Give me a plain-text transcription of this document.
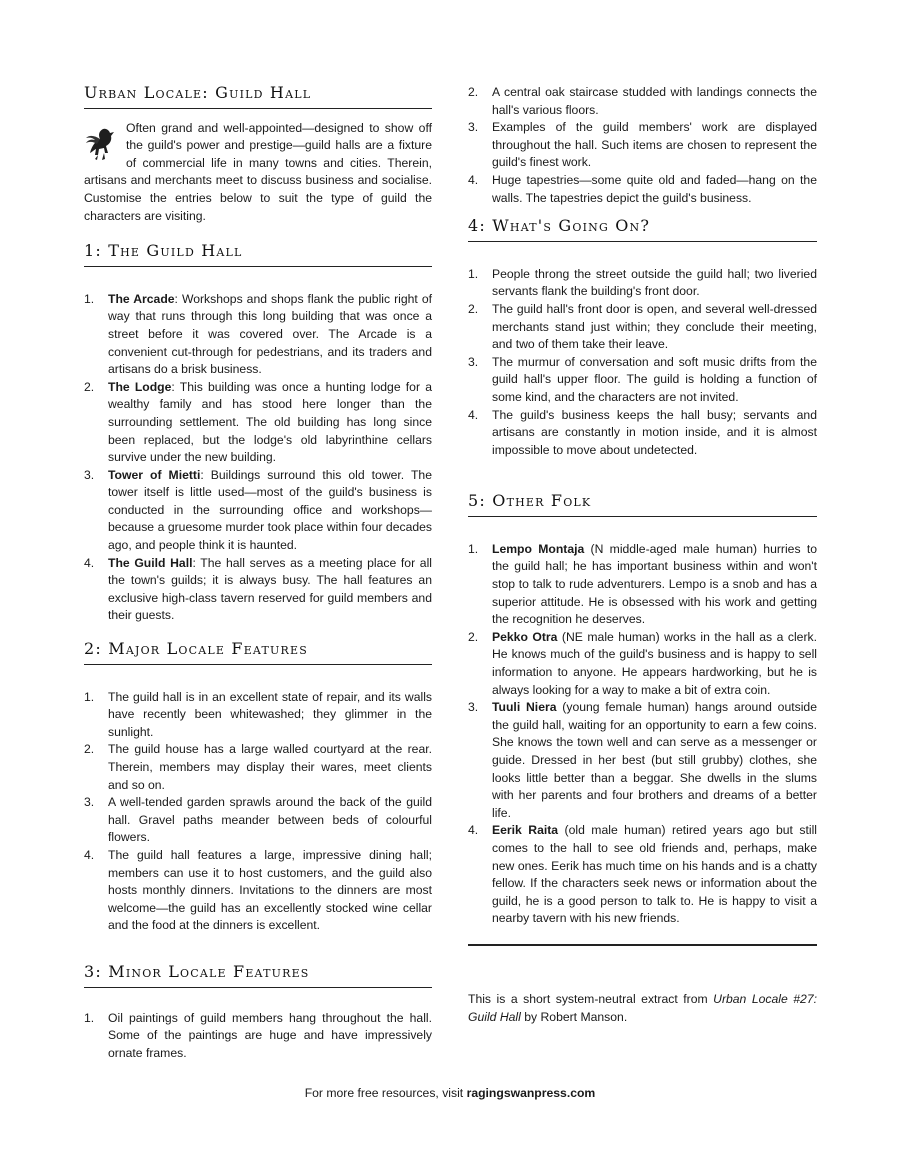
Urban Locale: Guild Hall

Often grand and well-appointed—designed to show off the guild's power and prestige—guild halls are a fixture of commercial life in many towns and cities. Therein, artisans and merchants meet to discuss business and socialise. Customise the entries below to suit the type of guild the characters are visiting.

1: The Guild Hall
1. The Arcade: Workshops and shops flank the public right of way that runs through this long building that was once a street before it was covered over. The Arcade is a convenient cut-through for pedestrians, and its traders and artisans do a brisk business.
2. The Lodge: This building was once a hunting lodge for a wealthy family and has stood here longer than the surrounding settlement. The old building has long since been replaced, but the lodge's old labyrinthine cellars survive under the new building.
3. Tower of Mietti: Buildings surround this old tower. The tower itself is little used—most of the guild's business is conducted in the surrounding office and workshops—because a gruesome murder took place within four decades ago, and people think it is haunted.
4. The Guild Hall: The hall serves as a meeting place for all the town's guilds; it is always busy. The hall features an exclusive high-class tavern reserved for guild members and their guests.
2: Major Locale Features
1. The guild hall is in an excellent state of repair, and its walls have recently been whitewashed; they glimmer in the sunlight.
2. The guild house has a large walled courtyard at the rear. Therein, members may display their wares, meet clients and so on.
3. A well-tended garden sprawls around the back of the guild hall. Gravel paths meander between beds of colourful flowers.
4. The guild hall features a large, impressive dining hall; members can use it to host customers, and the guild also hosts monthly dinners. Invitations to the dinners are most welcome—the guild has an excellently stocked wine cellar and the food at the dinners is excellent.
3: Minor Locale Features
1. Oil paintings of guild members hang throughout the hall. Some of the paintings are huge and have impressively ornate frames.
2. A central oak staircase studded with landings connects the hall's various floors.
3. Examples of the guild members' work are displayed throughout the hall. Such items are chosen to represent the guild's finest work.
4. Huge tapestries—some quite old and faded—hang on the walls. The tapestries depict the guild's business.
4: What's Going On?
1. People throng the street outside the guild hall; two liveried servants flank the building's front door.
2. The guild hall's front door is open, and several well-dressed merchants stand just within; they conclude their meeting, and two of them take their leave.
3. The murmur of conversation and soft music drifts from the guild hall's upper floor. The guild is holding a function of some kind, and the characters are not invited.
4. The guild's business keeps the hall busy; servants and artisans are constantly in motion inside, and it is almost impossible to move about undetected.
5: Other Folk
1. Lempo Montaja (N middle-aged male human) hurries to the guild hall; he has important business within and won't stop to talk to rude adventurers. Lempo is a snob and has a superior attitude. He is obsessed with his work and getting the recognition he deserves.
2. Pekko Otra (NE male human) works in the hall as a clerk. He knows much of the guild's business and is happy to sell information to anyone. He appears hardworking, but he is always looking for a way to make a bit of extra coin.
3. Tuuli Niera (young female human) hangs around outside the guild hall, waiting for an opportunity to earn a few coins. She knows the town well and can serve as a messenger or guide. Dressed in her best (but still grubby) clothes, she looks little better than a beggar. She dwells in the slums with her parents and four brothers and dreams of a better life.
4. Eerik Raita (old male human) retired years ago but still comes to the hall to see old friends and, perhaps, make new ones. Eerik has much time on his hands and is a chatty fellow. If the characters seek news or information about the guild, he is a good person to talk to. He is happy to visit a nearby tavern with his new friends.

This is a short system-neutral extract from Urban Locale #27: Guild Hall by Robert Manson.

For more free resources, visit ragingswanpress.com
